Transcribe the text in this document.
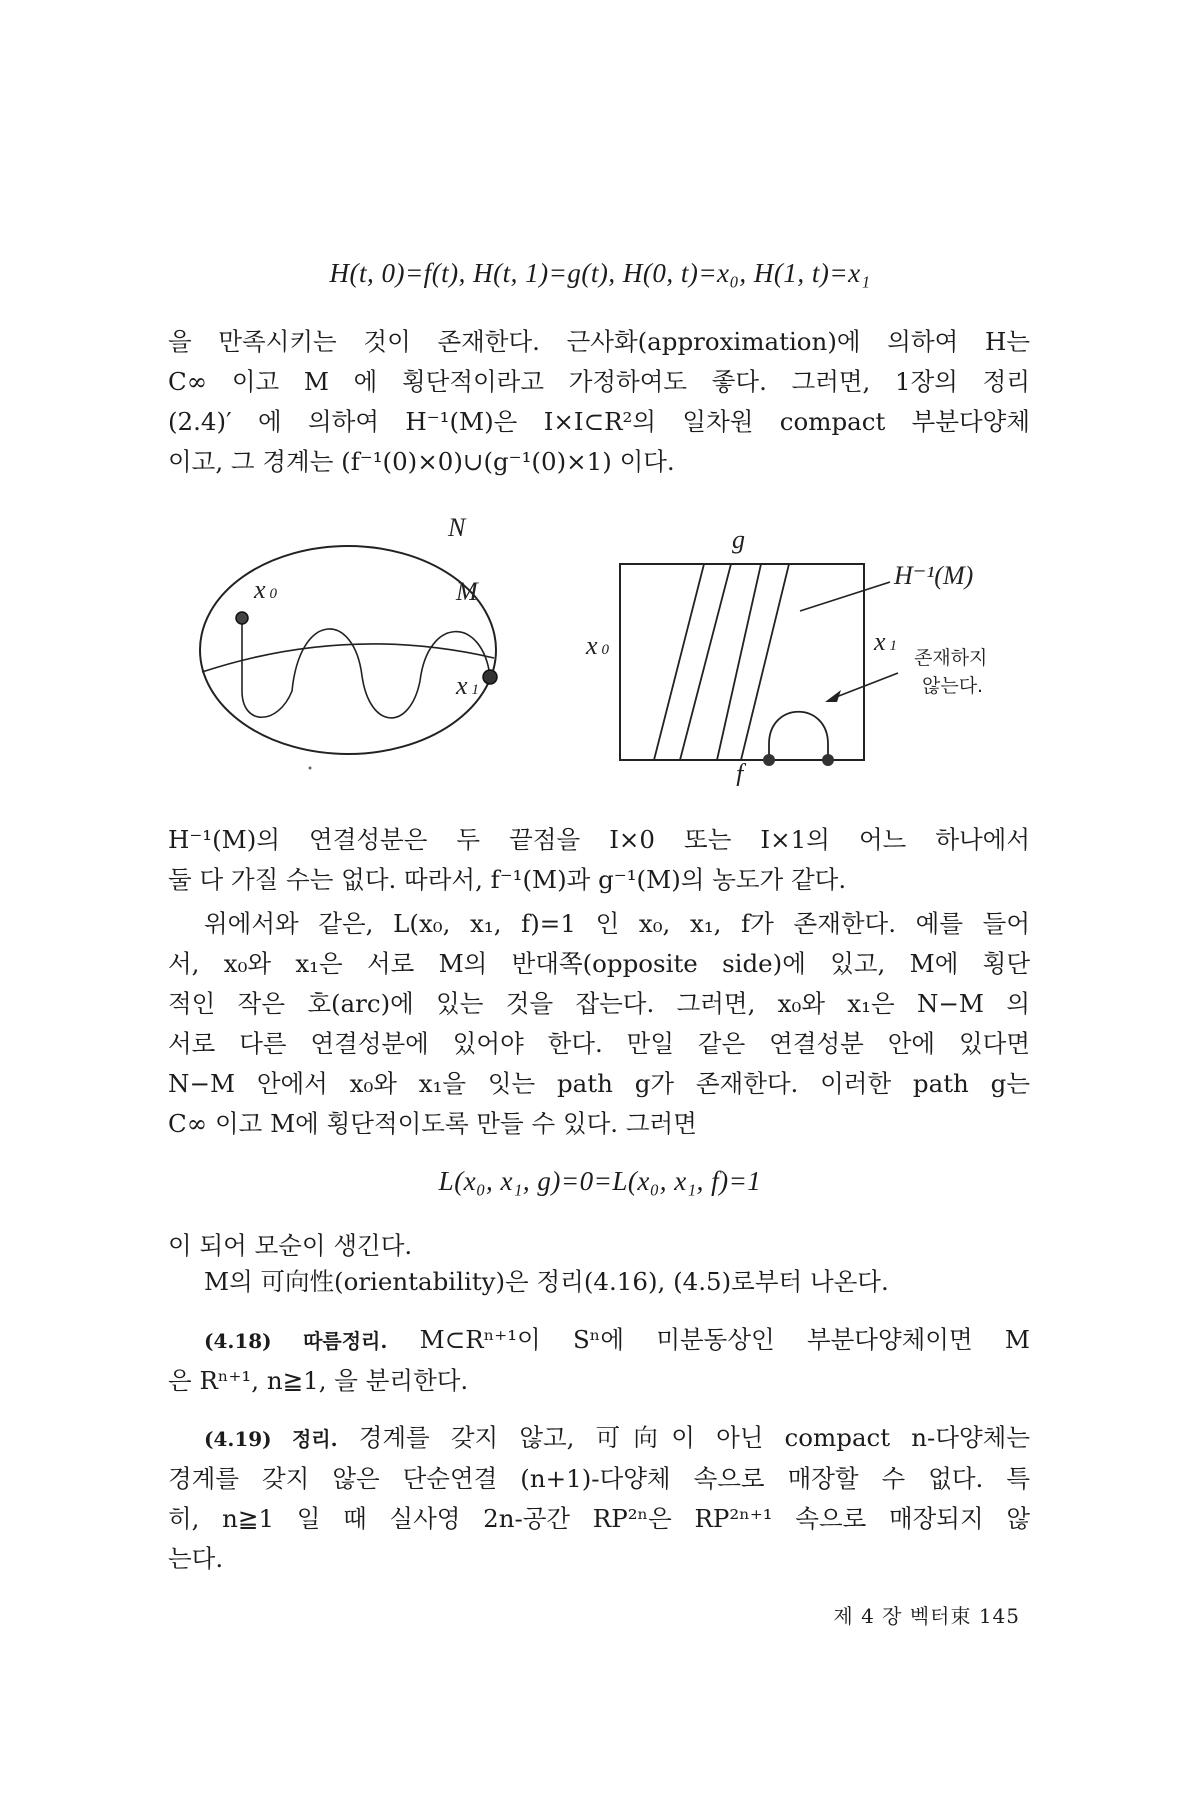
H(t, 0)=f(t), H(t, 1)=g(t), H(0, t)=x₀, H(1, t)=x₁
을 만족시키는 것이 존재한다. 근사화(approximation)에 의하여 H는
C∞ 이고 M 에 횡단적이라고 가정하여도 좋다. 그러면, 1장의 정리
(2.4)′ 에 의하여 H⁻¹(M)은 I×I⊂R²의 일차원 compact 부분다양체
이고, 그 경계는 (f⁻¹(0)×0)∪(g⁻¹(0)×1) 이다.
N
M
x 0
x 1
g
f
x 0	x 1
H⁻¹(M)
존재하지
않는다.
H⁻¹(M)의 연결성분은 두 끝점을 I×0 또는 I×1의 어느 하나에서
둘 다 가질 수는 없다. 따라서, f⁻¹(M)과 g⁻¹(M)의 농도가 같다.
위에서와 같은, L(x₀, x₁, f)=1 인 x₀, x₁, f가 존재한다. 예를 들어
서, x₀와 x₁은 서로 M의 반대쪽(opposite side)에 있고, M에 횡단
적인 작은 호(arc)에 있는 것을 잡는다. 그러면, x₀와 x₁은 N−M 의
서로 다른 연결성분에 있어야 한다. 만일 같은 연결성분 안에 있다면
N−M 안에서 x₀와 x₁을 잇는 path g가 존재한다. 이러한 path g는
C∞ 이고 M에 횡단적이도록 만들 수 있다. 그러면
L(x₀, x₁, g)=0=L(x₀, x₁, f)=1
이 되어 모순이 생긴다.
M의 可向性(orientability)은 정리(4.16), (4.5)로부터 나온다.
(4.18) 따름정리. M⊂Rⁿ⁺¹이 Sⁿ에 미분동상인 부분다양체이면 M
은 Rⁿ⁺¹, n≧1, 을 분리한다.
(4.19) 정리. 경계를 갖지 않고, 可向이 아닌 compact n-다양체는
경계를 갖지 않은 단순연결 (n+1)-다양체 속으로 매장할 수 없다. 특
히, n≧1 일 때 실사영 2n-공간 RP²ⁿ은 RP²ⁿ⁺¹ 속으로 매장되지 않
는다.
제 4 장 벡터束 145
